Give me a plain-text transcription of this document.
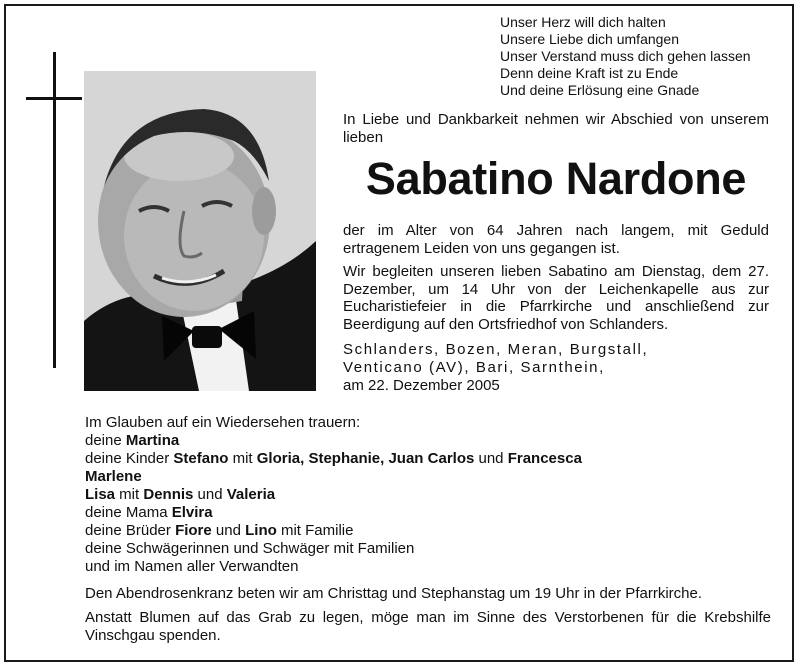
Unser Herz will dich halten
Unsere Liebe dich umfangen
Unser Verstand muss dich gehen lassen
Denn deine Kraft ist zu Ende
Und deine Erlösung eine Gnade
In Liebe und Dankbarkeit nehmen wir Abschied von unserem lieben
Sabatino Nardone
der im Alter von 64 Jahren nach langem, mit Geduld ertragenem Leiden von uns gegangen ist.
Wir begleiten unseren lieben Sabatino am Dienstag, dem 27. Dezember, um 14 Uhr von der Leichenkapelle aus zur Eucharistiefeier in die Pfarrkirche und anschließend zur Beerdigung auf den Ortsfriedhof von Schlanders.
Schlanders, Bozen, Meran, Burgstall,
Venticano (AV), Bari, Sarnthein,
am 22. Dezember 2005
Im Glauben auf ein Wiedersehen trauern:
deine Martina
deine Kinder Stefano mit Gloria, Stephanie, Juan Carlos und Francesca
Marlene
Lisa mit Dennis und Valeria
deine Mama Elvira
deine Brüder Fiore und Lino mit Familie
deine Schwägerinnen und Schwäger mit Familien
und im Namen aller Verwandten
Den Abendrosenkranz beten wir am Christtag und Stephanstag um 19 Uhr in der Pfarrkirche.
Anstatt Blumen auf das Grab zu legen, möge man im Sinne des Verstorbenen für die Krebshilfe Vinschgau spenden.
